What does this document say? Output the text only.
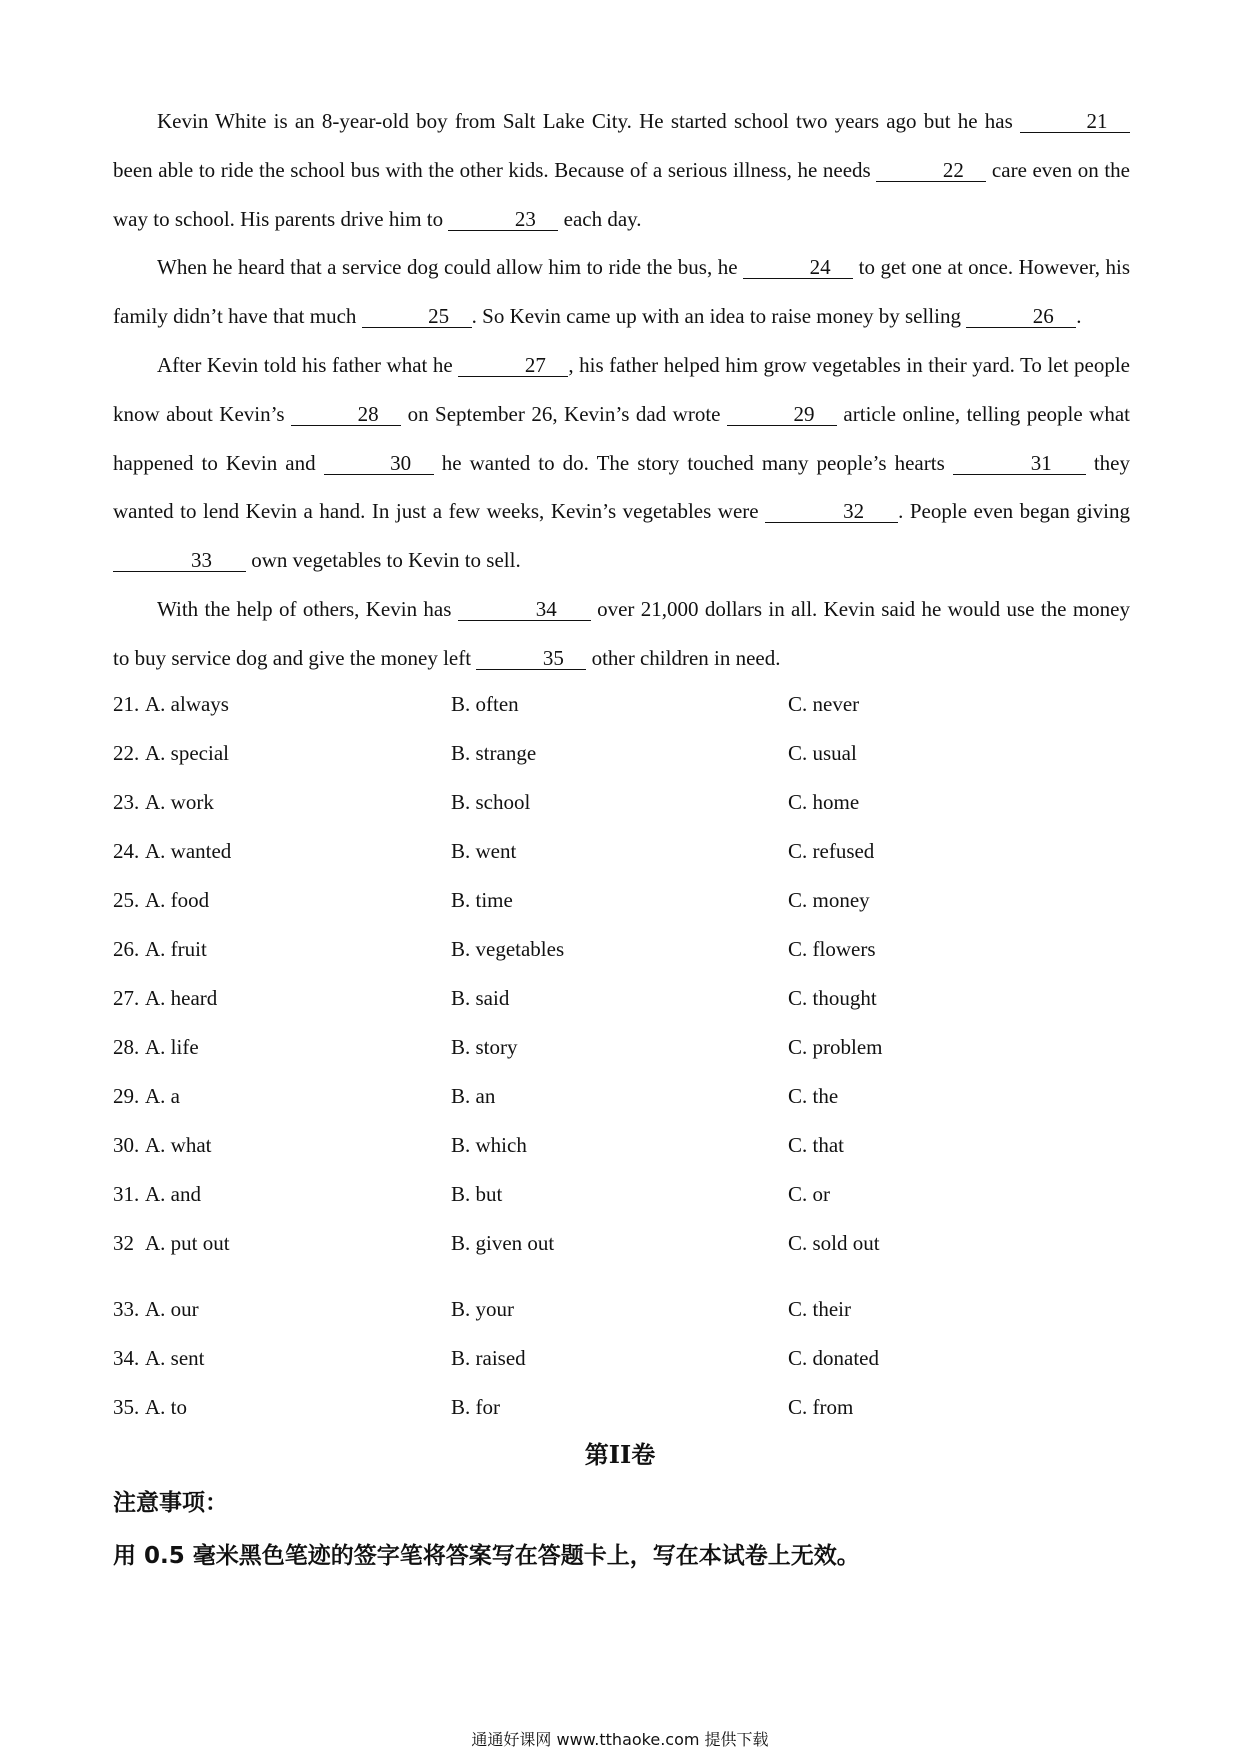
Kevin White is an 8-year-old boy from Salt Lake City. He started school two years ago but he has	21 been able to ride the school bus with the other kids. Because of a serious illness, he needs	22 care even on the way to school. His parents drive him to	23 each day.

When he heard that a service dog could allow him to ride the bus, he	24 to get one at once. However, his family didn’t have that much	25 . So Kevin came up with an idea to raise money by selling	26 .

After Kevin told his father what he	27 , his father helped him grow vegetables in their yard. To let people know about Kevin’s	28 on September 26, Kevin’s dad wrote	29 article online, telling people what happened to Kevin and	30 he wanted to do. The story touched many people’s hearts	31 they wanted to lend Kevin a hand. In just a few weeks, Kevin’s vegetables were	32 . People even began giving 33 own vegetables to Kevin to sell.

With the help of others, Kevin has	34 over 21,000 dollars in all. Kevin said he would use the money to buy service dog and give the money left	35 other children in need.

21. A. always	B. often	C. never
22. A. special	B. strange	C. usual
23. A. work	B. school	C. home
24. A. wanted	B. went	C. refused
25. A. food	B. time	C. money
26. A. fruit	B. vegetables	C. flowers
27. A. heard	B. said	C. thought
28. A. life	B. story	C. problem
29. A. a	B. an	C. the
30. A. what	B. which	C. that
31. A. and	B. but	C. or
32 A. put out	B. given out	C. sold out
33. A. our	B. your	C. their
34. A. sent	B. raised	C. donated
35. A. to	B. for	C. from
第II卷
注意事项：
用 0.5 毫米黑色笔迹的签字笔将答案写在答题卡上，写在本试卷上无效。
通通好课网 www.tthaoke.com 提供下载
